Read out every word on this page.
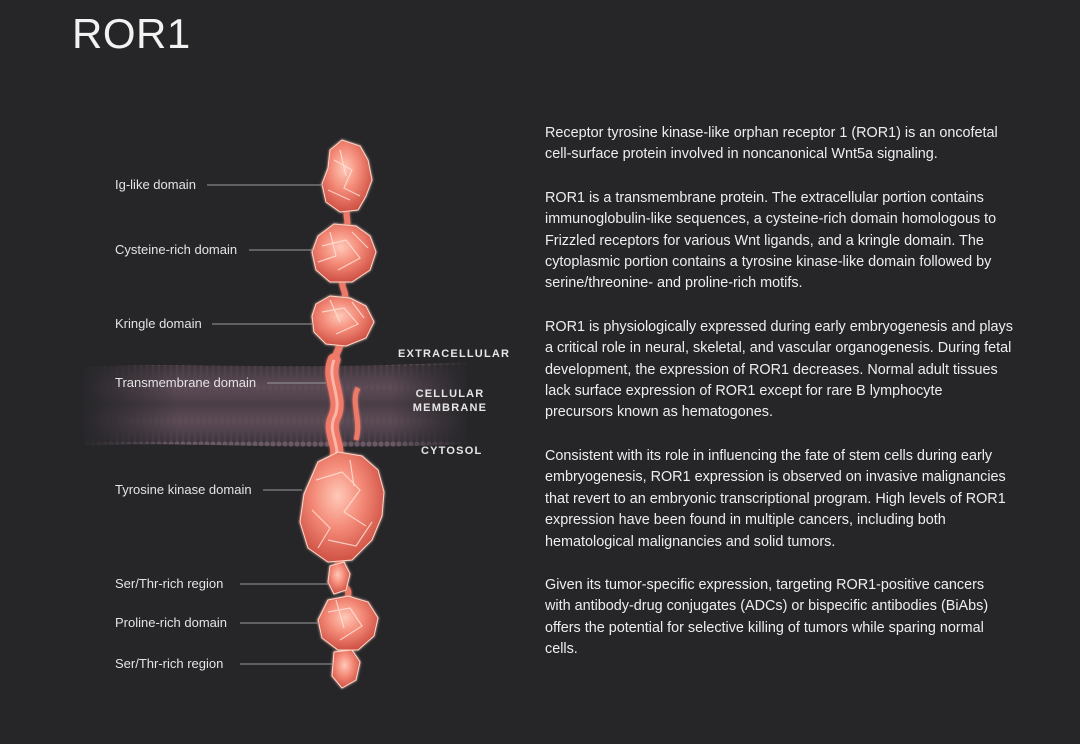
ROR1
Ig-like domain
Cysteine-rich domain
Kringle domain
Transmembrane domain
Tyrosine kinase domain
Ser/Thr-rich region
Proline-rich domain
Ser/Thr-rich region
EXTRACELLULAR
CELLULAR
MEMBRANE
CYTOSOL

Receptor tyrosine kinase-like orphan receptor 1 (ROR1) is an oncofetal cell-surface protein involved in noncanonical Wnt5a signaling.

ROR1 is a transmembrane protein. The extracellular portion contains immunoglobulin-like sequences, a cysteine-rich domain homologous to Frizzled receptors for various Wnt ligands, and a kringle domain. The cytoplasmic portion contains a tyrosine kinase-like domain followed by serine/threonine- and proline-rich motifs.

ROR1 is physiologically expressed during early embryogenesis and plays a critical role in neural, skeletal, and vascular organogenesis. During fetal development, the expression of ROR1 decreases. Normal adult tissues lack surface expression of ROR1 except for rare B lymphocyte precursors known as hematogones.

Consistent with its role in influencing the fate of stem cells during early embryogenesis, ROR1 expression is observed on invasive malignancies that revert to an embryonic transcriptional program. High levels of ROR1 expression have been found in multiple cancers, including both hematological malignancies and solid tumors.

Given its tumor-specific expression, targeting ROR1-positive cancers with antibody-drug conjugates (ADCs) or bispecific antibodies (BiAbs) offers the potential for selective killing of tumors while sparing normal cells.
